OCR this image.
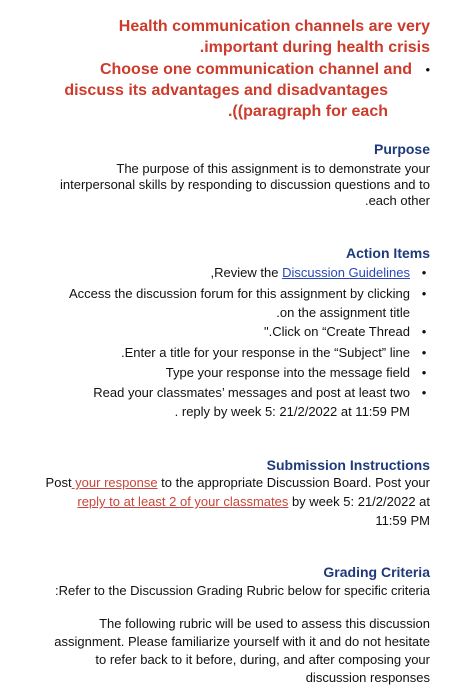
Health communication channels are very
.important during health crisis
Choose one communication channel and •
discuss its advantages and disadvantages
.((paragraph for each
Purpose
The purpose of this assignment is to demonstrate your
interpersonal skills by responding to discussion questions and to
.each other
Action Items
,Review the Discussion Guidelines •
Access the discussion forum for this assignment by clicking •
.on the assignment title
".Click on “Create Thread •
.Enter a title for your response in the “Subject” line •
Type your response into the message field •
Read your classmates’ messages and post at least two •
. reply by week 5: 21/2/2022 at 11:59 PM
Submission Instructions
Post your response to the appropriate Discussion Board. Post your
reply to at least 2 of your classmates by week 5: 21/2/2022 at
11:59 PM
Grading Criteria
:Refer to the Discussion Grading Rubric below for specific criteria
The following rubric will be used to assess this discussion
assignment. Please familiarize yourself with it and do not hesitate
to refer back to it before, during, and after composing your
discussion responses
